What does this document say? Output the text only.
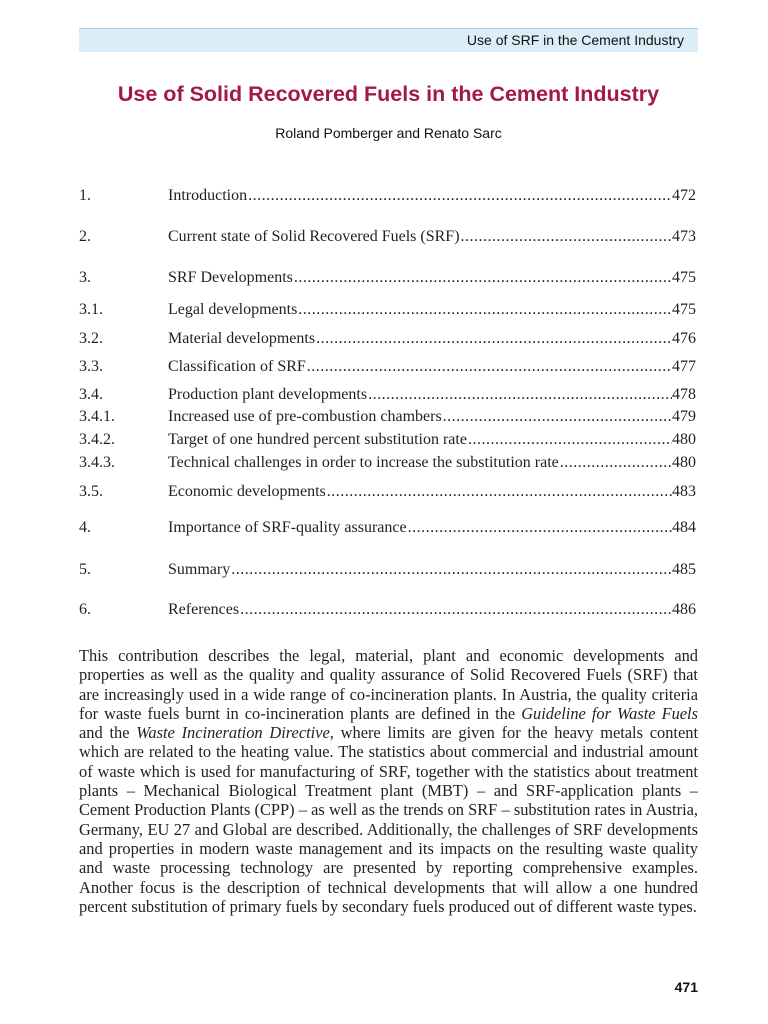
Use of SRF in the Cement Industry
Use of Solid Recovered Fuels in the Cement Industry
Roland Pomberger and Renato Sarc
1.	Introduction .....	472
2.	Current state of Solid Recovered Fuels (SRF) .....	473
3.	SRF Developments .....	475
3.1.	Legal developments .....	475
3.2.	Material developments .....	476
3.3.	Classification of SRF .....	477
3.4.	Production plant developments .....	478
3.4.1.	Increased use of pre-combustion chambers .....	479
3.4.2.	Target of one hundred percent substitution rate .....	480
3.4.3.	Technical challenges in order to increase the substitution rate .....	480
3.5.	Economic developments .....	483
4.	Importance of SRF-quality assurance .....	484
5.	Summary .....	485
6.	References .....	486

This contribution describes the legal, material, plant and economic developments and properties as well as the quality and quality assurance of Solid Recovered Fuels (SRF) that are increasingly used in a wide range of co-incineration plants. In Austria, the quality criteria for waste fuels burnt in co-incineration plants are defined in the Guideline for Waste Fuels and the Waste Incineration Directive, where limits are given for the heavy metals content which are related to the heating value. The statistics about commercial and industrial amount of waste which is used for manufacturing of SRF, together with the statistics about treatment plants – Mechanical Biological Treatment plant (MBT) – and SRF-application plants – Cement Production Plants (CPP) – as well as the trends on SRF – substitution rates in Austria, Germany, EU 27 and Global are described. Additionally, the challenges of SRF developments and properties in modern waste management and its impacts on the resulting waste quality and waste processing technology are presented by reporting comprehensive examples. Another focus is the description of technical developments that will allow a one hundred percent substitution of primary fuels by secondary fuels produced out of different waste types.

471
